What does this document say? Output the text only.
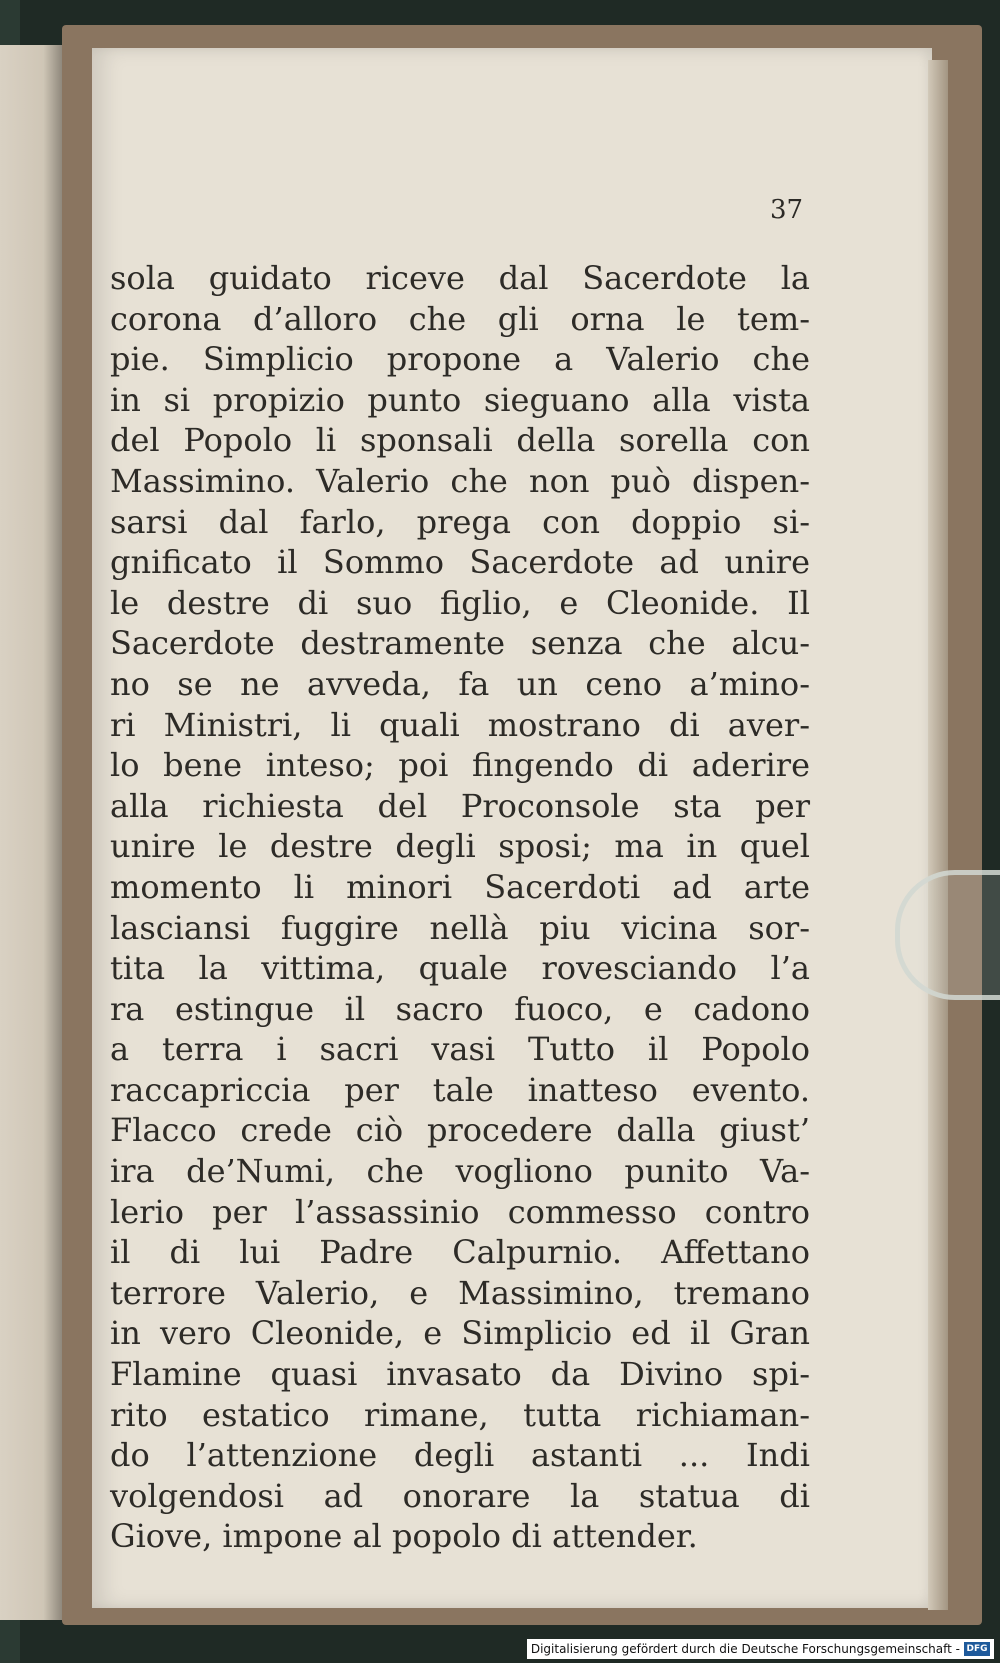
37
sola guidato riceve dal Sacerdote la
corona d’alloro che gli orna le tem-
pie. Simplicio propone a Valerio che
in si propizio punto sieguano alla vista
del Popolo li sponsali della sorella con
Massimino. Valerio che non può dispen-
sarsi dal farlo, prega con doppio si-
gnificato il Sommo Sacerdote ad unire
le destre di suo figlio, e Cleonide. Il
Sacerdote destramente senza che alcu-
no se ne avveda, fa un ceno a’mino-
ri Ministri, li quali mostrano di aver-
lo bene inteso; poi fingendo di aderire
alla richiesta del Proconsole sta per
unire le destre degli sposi; ma in quel
momento li minori Sacerdoti ad arte
lasciansi fuggire nellà piu vicina sor-
tita la vittima, quale rovesciando l’a
ra estingue il sacro fuoco, e cadono
a terra i sacri vasi Tutto il Popolo
raccapriccia per tale inatteso evento.
Flacco crede ciò procedere dalla giust’
ira de’Numi, che vogliono punito Va-
lerio per l’assassinio commesso contro
il di lui Padre Calpurnio. Affettano
terrore Valerio, e Massimino, tremano
in vero Cleonide, e Simplicio ed il Gran
Flamine quasi invasato da Divino spi-
rito estatico rimane, tutta richiaman-
do l’attenzione degli astanti ... Indi
volgendosi ad onorare la statua di
Giove, impone al popolo di attender.
Digitalisierung gefördert durch die Deutsche Forschungsgemeinschaft - DFG
